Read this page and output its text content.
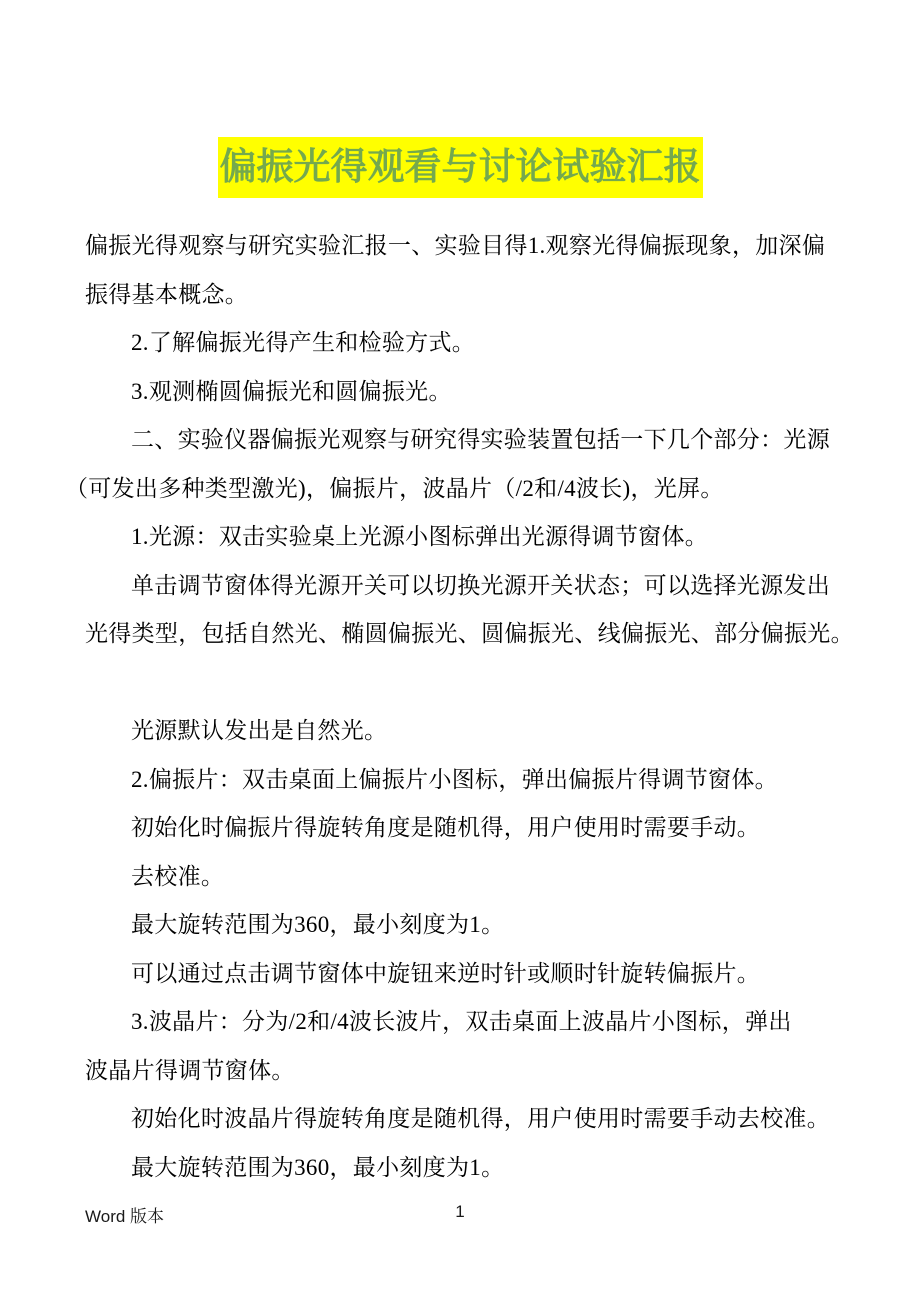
偏振光得观看与讨论试验汇报
偏振光得观察与研究实验汇报一、实验目得1.观察光得偏振现象，加深偏
振得基本概念。
2.了解偏振光得产生和检验方式。
3.观测椭圆偏振光和圆偏振光。
二、实验仪器偏振光观察与研究得实验装置包括一下几个部分：光源
（可发出多种类型激光)，偏振片，波晶片（/2和/4波长)，光屏。
1.光源：双击实验桌上光源小图标弹出光源得调节窗体。
单击调节窗体得光源开关可以切换光源开关状态；可以选择光源发出
光得类型，包括自然光、椭圆偏振光、圆偏振光、线偏振光、部分偏振光。
光源默认发出是自然光。
2.偏振片：双击桌面上偏振片小图标，弹出偏振片得调节窗体。
初始化时偏振片得旋转角度是随机得，用户使用时需要手动。
去校准。
最大旋转范围为360，最小刻度为1。
可以通过点击调节窗体中旋钮来逆时针或顺时针旋转偏振片。
3.波晶片：分为/2和/4波长波片，双击桌面上波晶片小图标，弹出
波晶片得调节窗体。
初始化时波晶片得旋转角度是随机得，用户使用时需要手动去校准。
最大旋转范围为360，最小刻度为1。
Word 版本	1
